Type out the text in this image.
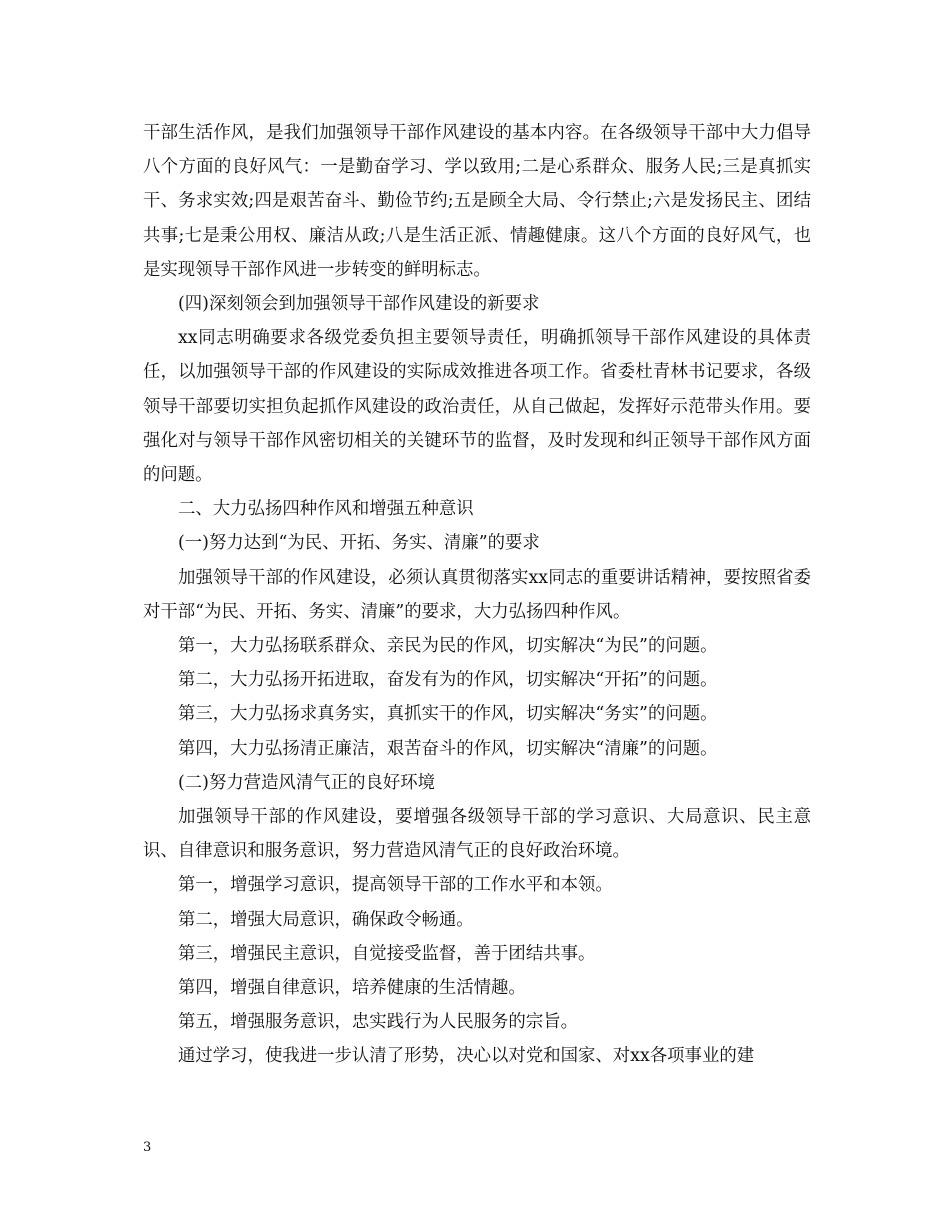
干部生活作风，是我们加强领导干部作风建设的基本内容。在各级领导干部中大力倡导八个方面的良好风气：一是勤奋学习、学以致用;二是心系群众、服务人民;三是真抓实干、务求实效;四是艰苦奋斗、勤俭节约;五是顾全大局、令行禁止;六是发扬民主、团结共事;七是秉公用权、廉洁从政;八是生活正派、情趣健康。这八个方面的良好风气，也是实现领导干部作风进一步转变的鲜明标志。

(四)深刻领会到加强领导干部作风建设的新要求

xx同志明确要求各级党委负担主要领导责任，明确抓领导干部作风建设的具体责任，以加强领导干部的作风建设的实际成效推进各项工作。省委杜青林书记要求，各级领导干部要切实担负起抓作风建设的政治责任，从自己做起，发挥好示范带头作用。要强化对与领导干部作风密切相关的关键环节的监督，及时发现和纠正领导干部作风方面的问题。

二、大力弘扬四种作风和增强五种意识

(一)努力达到“为民、开拓、务实、清廉”的要求

加强领导干部的作风建设，必须认真贯彻落实xx同志的重要讲话精神，要按照省委对干部“为民、开拓、务实、清廉”的要求，大力弘扬四种作风。

第一，大力弘扬联系群众、亲民为民的作风，切实解决“为民”的问题。

第二，大力弘扬开拓进取，奋发有为的作风，切实解决“开拓”的问题。

第三，大力弘扬求真务实，真抓实干的作风，切实解决“务实”的问题。

第四，大力弘扬清正廉洁，艰苦奋斗的作风，切实解决“清廉”的问题。

(二)努力营造风清气正的良好环境

加强领导干部的作风建设，要增强各级领导干部的学习意识、大局意识、民主意识、自律意识和服务意识，努力营造风清气正的良好政治环境。

第一，增强学习意识，提高领导干部的工作水平和本领。

第二，增强大局意识，确保政令畅通。

第三，增强民主意识，自觉接受监督，善于团结共事。

第四，增强自律意识，培养健康的生活情趣。

第五，增强服务意识，忠实践行为人民服务的宗旨。

通过学习，使我进一步认清了形势，决心以对党和国家、对xx各项事业的建

3
